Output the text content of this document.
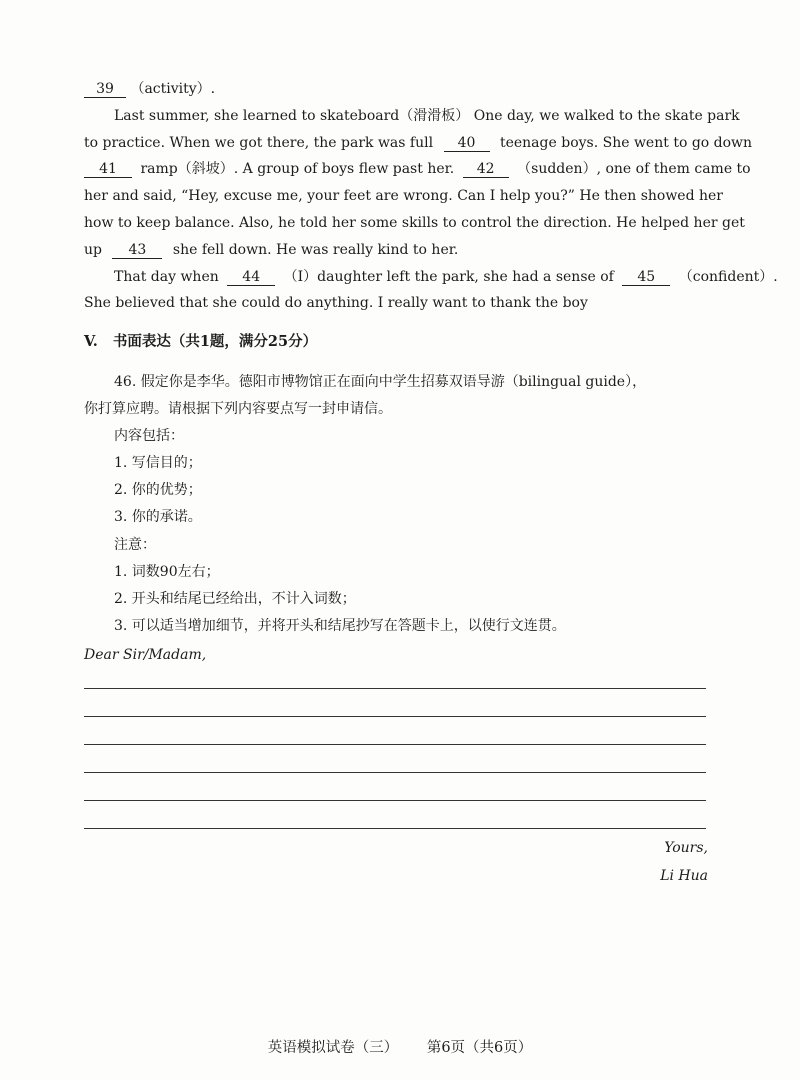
39 （activity）.
Last summer, she learned to skateboard（滑滑板） One day, we walked to the skate park
to practice. When we got there, the park was full 40 teenage boys. She went to go down
41 ramp（斜坡）. A group of boys flew past her. 42 （sudden）, one of them came to
her and said, “Hey, excuse me, your feet are wrong. Can I help you?” He then showed her
how to keep balance. Also, he told her some skills to control the direction. He helped her get
up 43 she fell down. He was really kind to her.
That day when 44 （I）daughter left the park, she had a sense of 45 （confident）.
She believed that she could do anything. I really want to thank the boy
V. 书面表达（共1题，满分25分）
46. 假定你是李华。德阳市博物馆正在面向中学生招募双语导游（bilingual guide），
你打算应聘。请根据下列内容要点写一封申请信。
内容包括：
1. 写信目的；
2. 你的优势；
3. 你的承诺。
注意：
1. 词数90左右；
2. 开头和结尾已经给出，不计入词数；
3. 可以适当增加细节，并将开头和结尾抄写在答题卡上，以使行文连贯。
Dear Sir/Madam,
Yours,
Li Hua
英语模拟试卷（三） 第6页（共6页）
